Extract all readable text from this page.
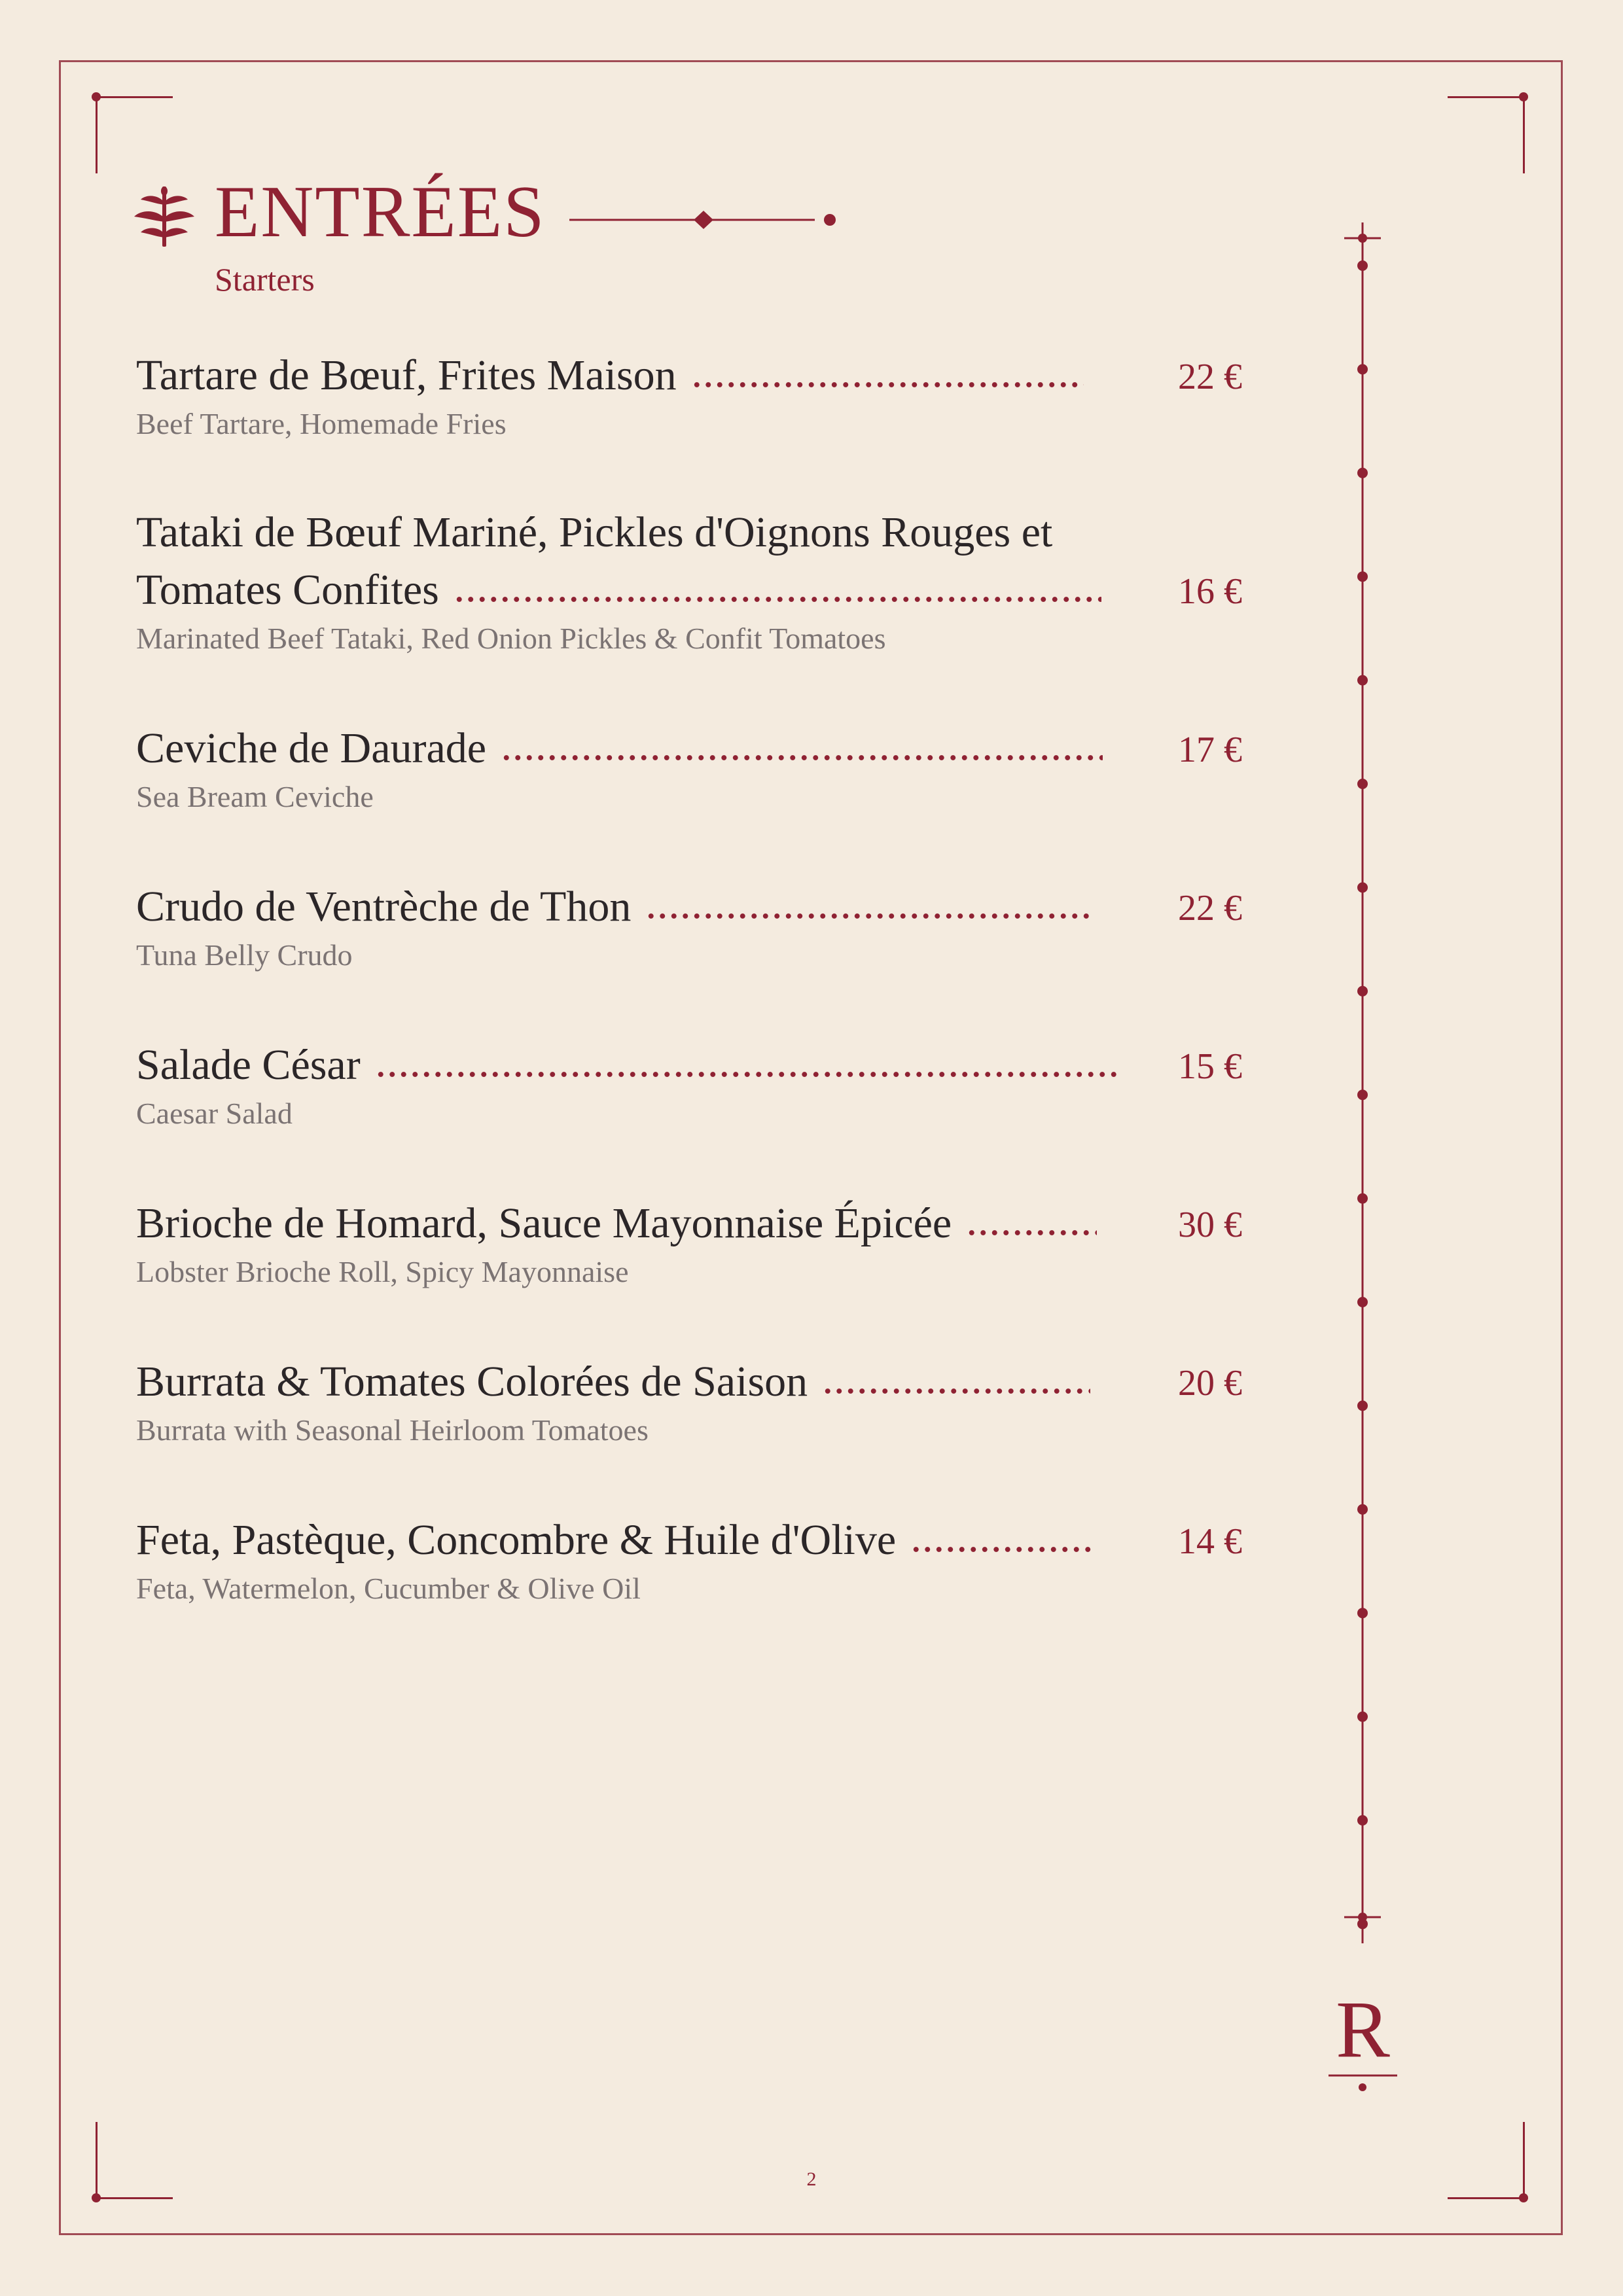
ENTRÉES
Starters
Tartare de Bœuf, Frites Maison	22 €
Beef Tartare, Homemade Fries
Tataki de Bœuf Mariné, Pickles d'Oignons Rouges et
Tomates Confites	16 €
Marinated Beef Tataki, Red Onion Pickles & Confit Tomatoes
Ceviche de Daurade	17 €
Sea Bream Ceviche
Crudo de Ventrèche de Thon	22 €
Tuna Belly Crudo
Salade César	15 €
Caesar Salad
Brioche de Homard, Sauce Mayonnaise Épicée	30 €
Lobster Brioche Roll, Spicy Mayonnaise
Burrata & Tomates Colorées de Saison	20 €
Burrata with Seasonal Heirloom Tomatoes
Feta, Pastèque, Concombre & Huile d'Olive	14 €
Feta, Watermelon, Cucumber & Olive Oil
R
2
